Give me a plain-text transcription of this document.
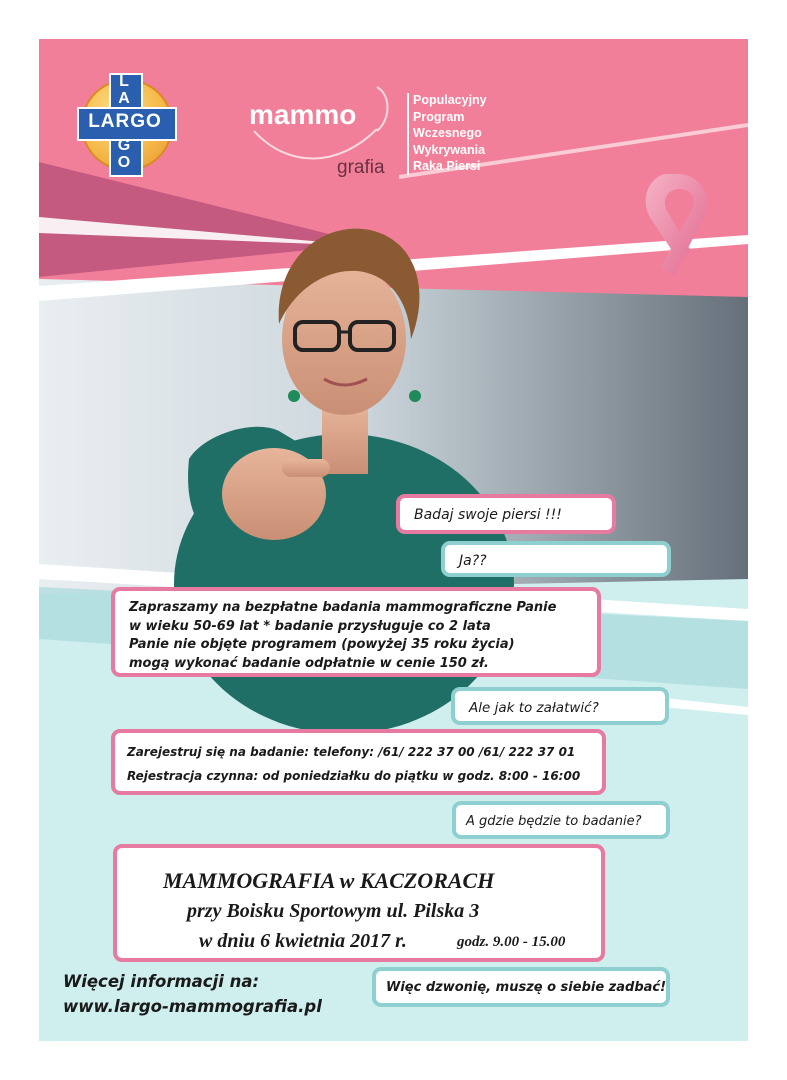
LARGO
L
A
G
O
mammo
grafia
Populacyjny
Program
Wczesnego
Wykrywania
Raka Piersi
Badaj swoje piersi !!!
Ja??
Zapraszamy na bezpłatne badania mammograficzne Panie
w wieku 50-69 lat * badanie przysługuje co 2 lata
Panie nie objęte programem (powyżej 35 roku życia)
mogą wykonać badanie odpłatnie w cenie 150 zł.
Ale jak to załatwić?
Zarejestruj się na badanie: telefony: /61/ 222 37 00 /61/ 222 37 01
Rejestracja czynna: od poniedziałku do piątku w godz. 8:00 - 16:00
A gdzie będzie to badanie?
MAMMOGRAFIA w KACZORACH
przy Boisku Sportowym ul. Pilska 3
w dniu 6 kwietnia 2017 r.	godz. 9.00 - 15.00
Więc dzwonię, muszę o siebie zadbać!
Więcej informacji na:
www.largo-mammografia.pl
